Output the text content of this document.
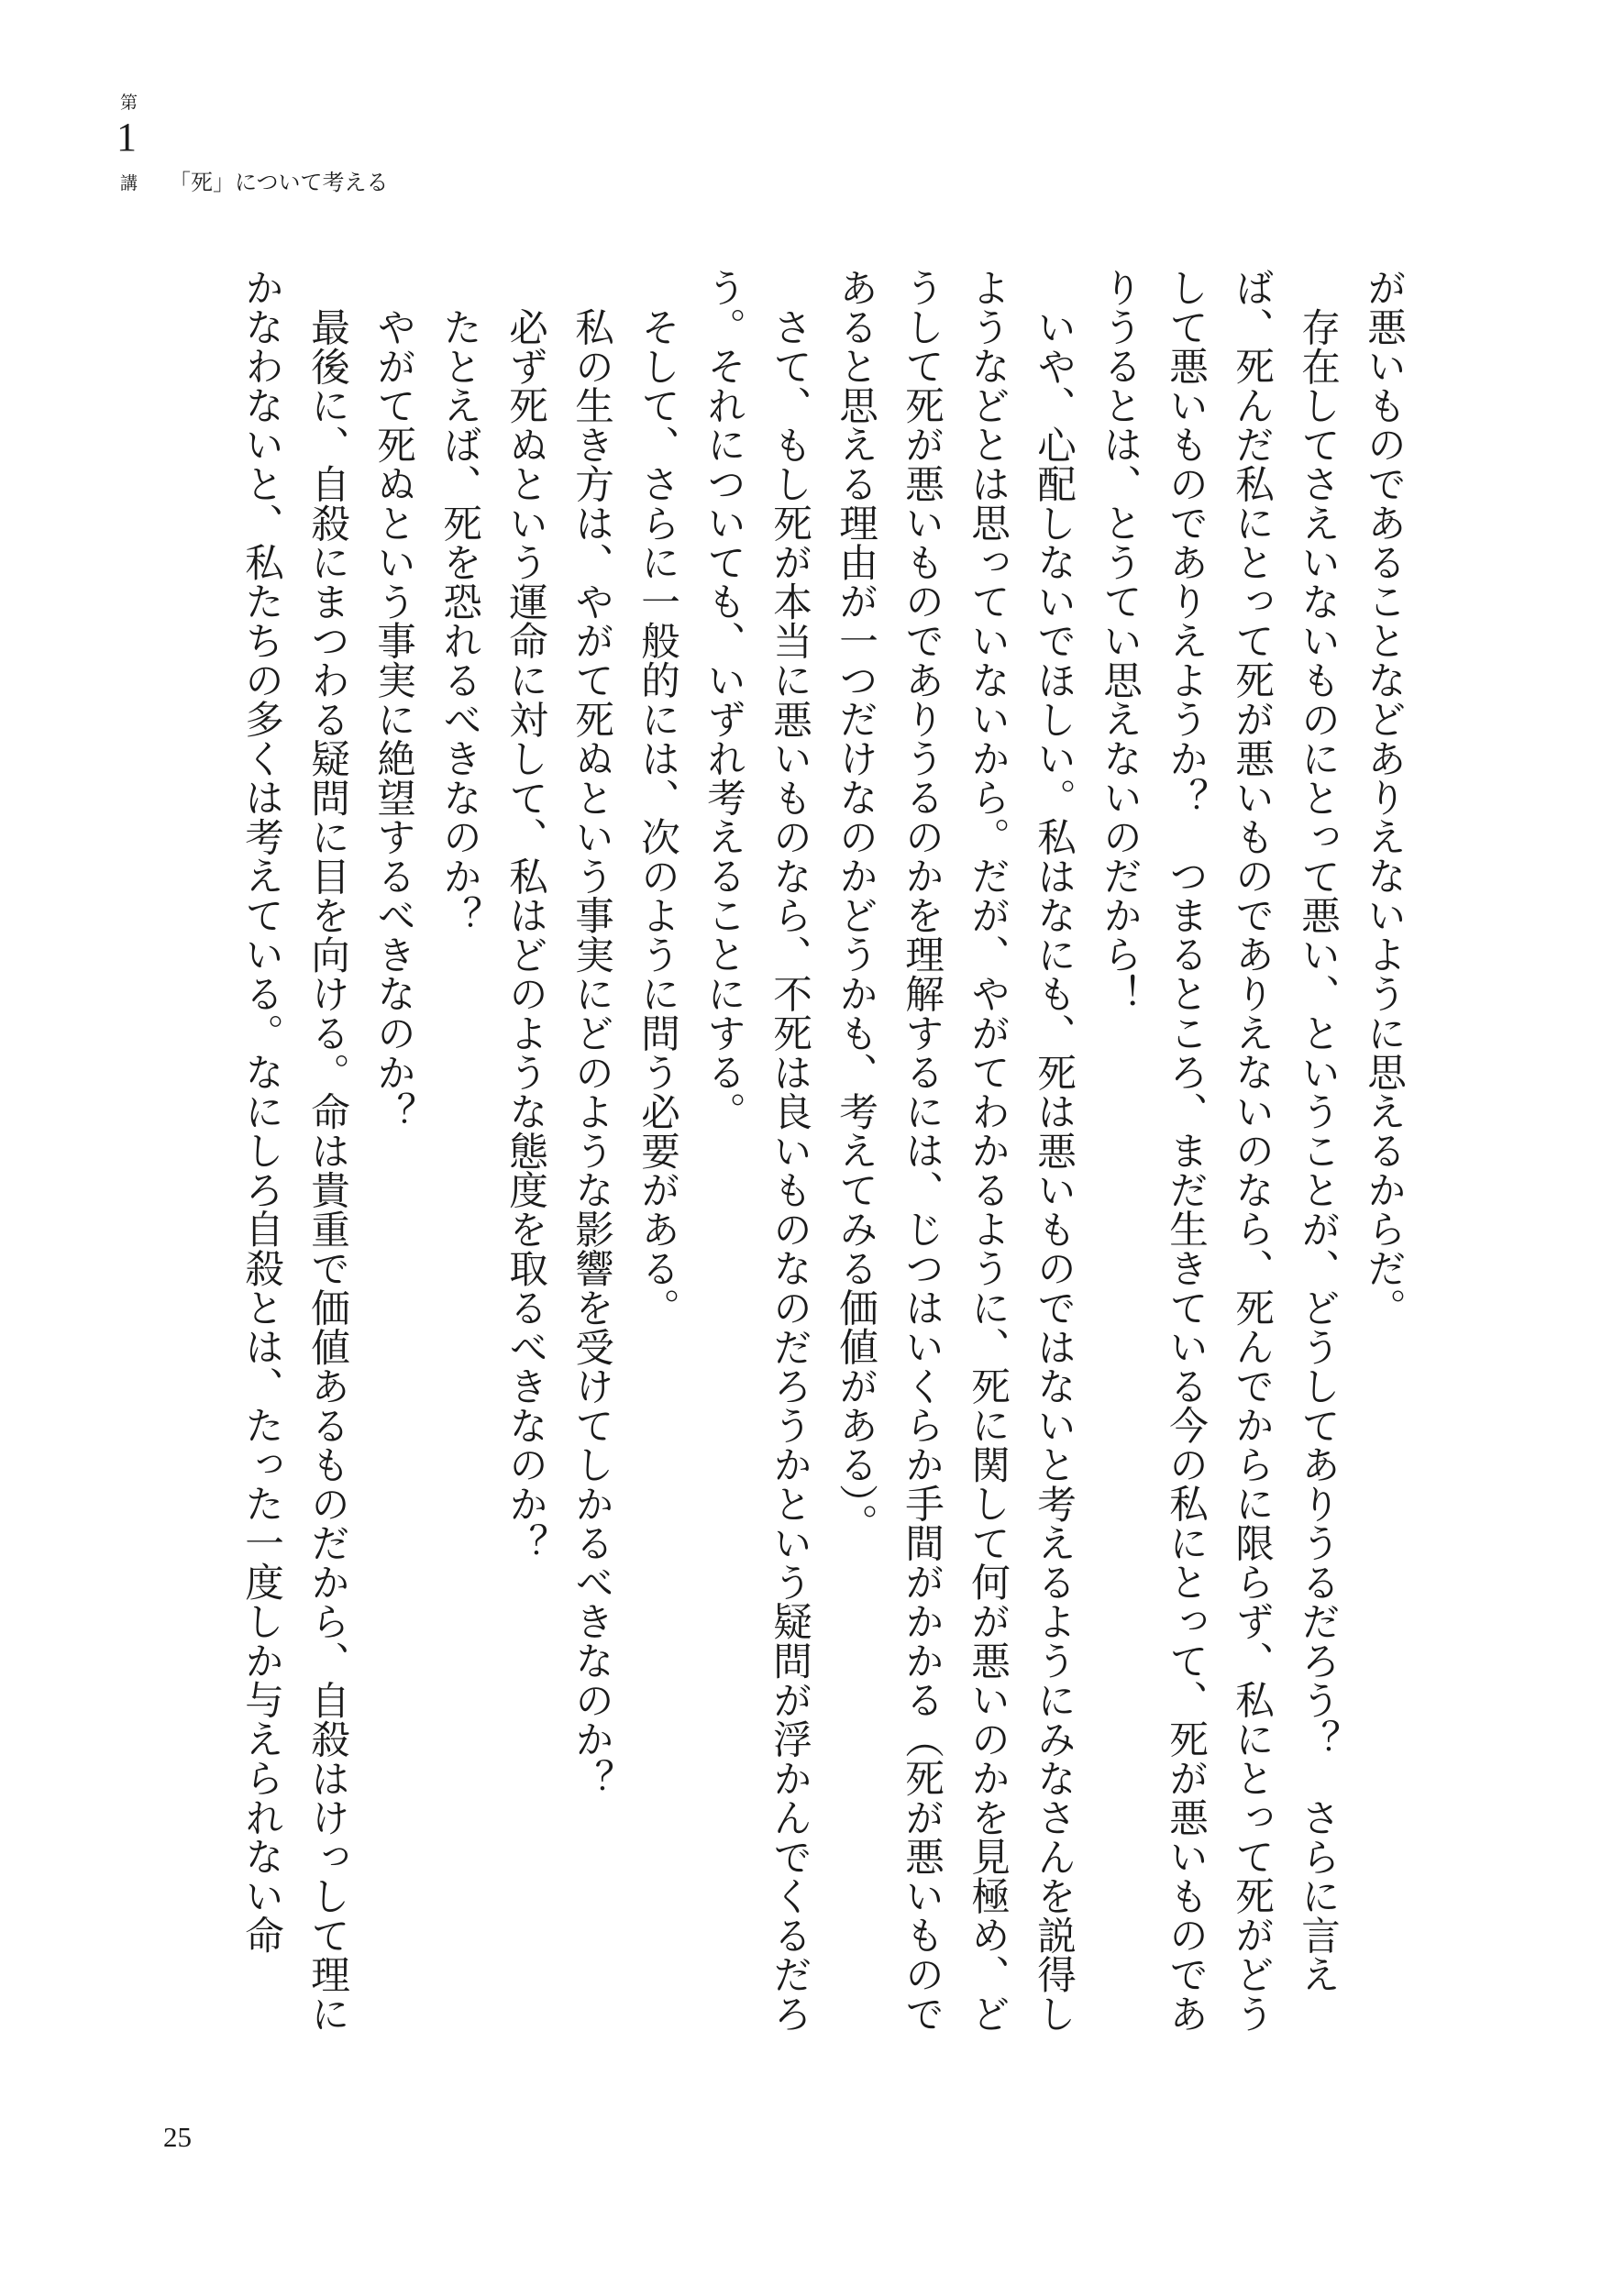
第
1
講 「死」について考える

が悪いものであることなどありえないように思えるからだ。

存在してさえいないものにとって悪い、ということが、どうしてありうるだろう？　さらに言えば、死んだ私にとって死が悪いものでありえないのなら、死んでからに限らず、私にとって死がどうして悪いものでありえようか？　つまるところ、まだ生きている今の私にとって、死が悪いものでありうるとは、とうてい思えないのだから！

いや、心配しないでほしい。私はなにも、死は悪いものではないと考えるようにみなさんを説得しようなどとは思っていないから。だが、やがてわかるように、死に関して何が悪いのかを見極め、どうして死が悪いものでありうるのかを理解するには、じつはいくらか手間がかかる（死が悪いものであると思える理由が一つだけなのかどうかも、考えてみる価値がある）。

さて、もし死が本当に悪いものなら、不死は良いものなのだろうかという疑問が浮かんでくるだろう。それについても、いずれ考えることにする。

そして、さらに一般的には、次のように問う必要がある。

私の生き方は、やがて死ぬという事実にどのような影響を受けてしかるべきなのか？

必ず死ぬという運命に対して、私はどのような態度を取るべきなのか？

たとえば、死を恐れるべきなのか？

やがて死ぬという事実に絶望するべきなのか？

最後に、自殺にまつわる疑問に目を向ける。命は貴重で価値あるものだから、自殺はけっして理にかなわないと、私たちの多くは考えている。なにしろ自殺とは、たった一度しか与えられない命

25
